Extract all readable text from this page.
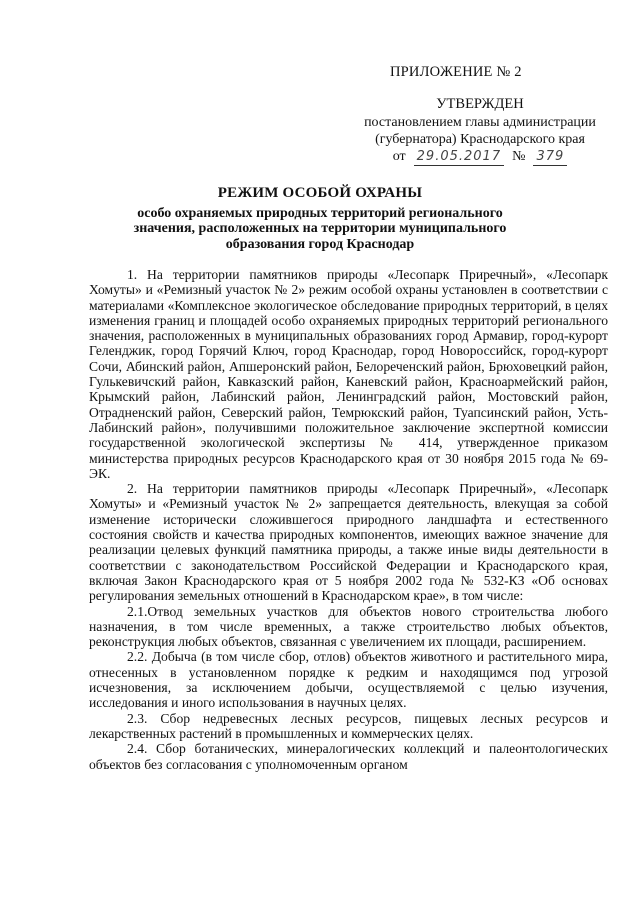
ПРИЛОЖЕНИЕ № 2
УТВЕРЖДЕН
постановлением главы администрации
(губернатора) Краснодарского края
от 29.05.2017 № 379
РЕЖИМ ОСОБОЙ ОХРАНЫ
особо охраняемых природных территорий регионального
значения, расположенных на территории муниципального
образования город Краснодар

1. На территории памятников природы «Лесопарк Приречный», «Лесопарк Хомуты» и «Ремизный участок № 2» режим особой охраны установлен в соответствии с материалами «Комплексное экологическое обследование природных территорий, в целях изменения границ и площадей особо охраняемых природных территорий регионального значения, расположенных в муниципальных образованиях город Армавир, город-курорт Геленджик, город Горячий Ключ, город Краснодар, город Новороссийск, город-курорт Сочи, Абинский район, Апшеронский район, Белореченский район, Брюховецкий район, Гулькевичский район, Кавказский район, Каневский район, Красноармейский район, Крымский район, Лабинский район, Ленинградский район, Мостовский район, Отрадненский район, Северский район, Темрюкский район, Туапсинский район, Усть-Лабинский район», получившими положительное заключение экспертной комиссии государственной экологической экспертизы № 414, утвержденное приказом министерства природных ресурсов Краснодарского края от 30 ноября 2015 года № 69-ЭК.

2. На территории памятников природы «Лесопарк Приречный», «Лесопарк Хомуты» и «Ремизный участок № 2» запрещается деятельность, влекущая за собой изменение исторически сложившегося природного ландшафта и естественного состояния свойств и качества природных компонентов, имеющих важное значение для реализации целевых функций памятника природы, а также иные виды деятельности в соответствии с законодательством Российской Федерации и Краснодарского края, включая Закон Краснодарского края от 5 ноября 2002 года № 532-КЗ «Об основах регулирования земельных отношений в Краснодарском крае», в том числе:

2.1.Отвод земельных участков для объектов нового строительства любого назначения, в том числе временных, а также строительство любых объектов, реконструкция любых объектов, связанная с увеличением их площади, расширением.

2.2. Добыча (в том числе сбор, отлов) объектов животного и растительного мира, отнесенных в установленном порядке к редким и находящимся под угрозой исчезновения, за исключением добычи, осуществляемой с целью изучения, исследования и иного использования в научных целях.

2.3. Сбор недревесных лесных ресурсов, пищевых лесных ресурсов и лекарственных растений в промышленных и коммерческих целях.

2.4. Сбор ботанических, минералогических коллекций и палеонтологических объектов без согласования с уполномоченным органом
